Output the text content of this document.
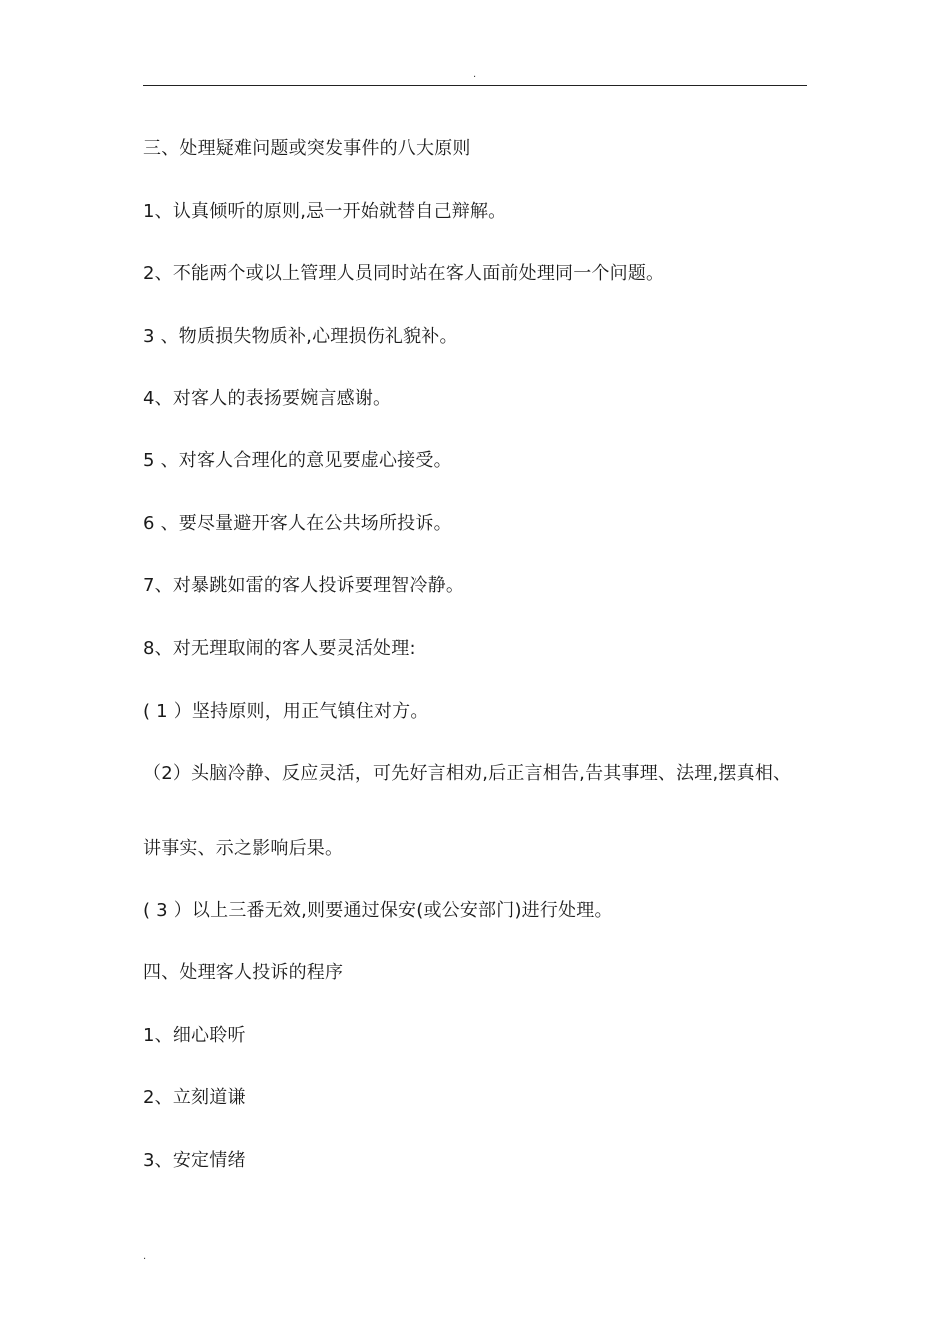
.
三、处理疑难问题或突发事件的八大原则
1、认真倾听的原则,忌一开始就替自己辩解。
2、不能两个或以上管理人员同时站在客人面前处理同一个问题。
3 、物质损失物质补,心理损伤礼貌补。
4、对客人的表扬要婉言感谢。
5 、对客人合理化的意见要虚心接受。
6 、要尽量避开客人在公共场所投诉。
7、对暴跳如雷的客人投诉要理智冷静。
8、对无理取闹的客人要灵活处理:
( 1 ）坚持原则，用正气镇住对方。
（2）头脑冷静、反应灵活，可先好言相劝,后正言相告,告其事理、法理,摆真相、
讲事实、示之影响后果。
( 3 ）以上三番无效,则要通过保安(或公安部门)进行处理。
四、处理客人投诉的程序
1、细心聆听
2、立刻道谦
3、安定情绪
.
